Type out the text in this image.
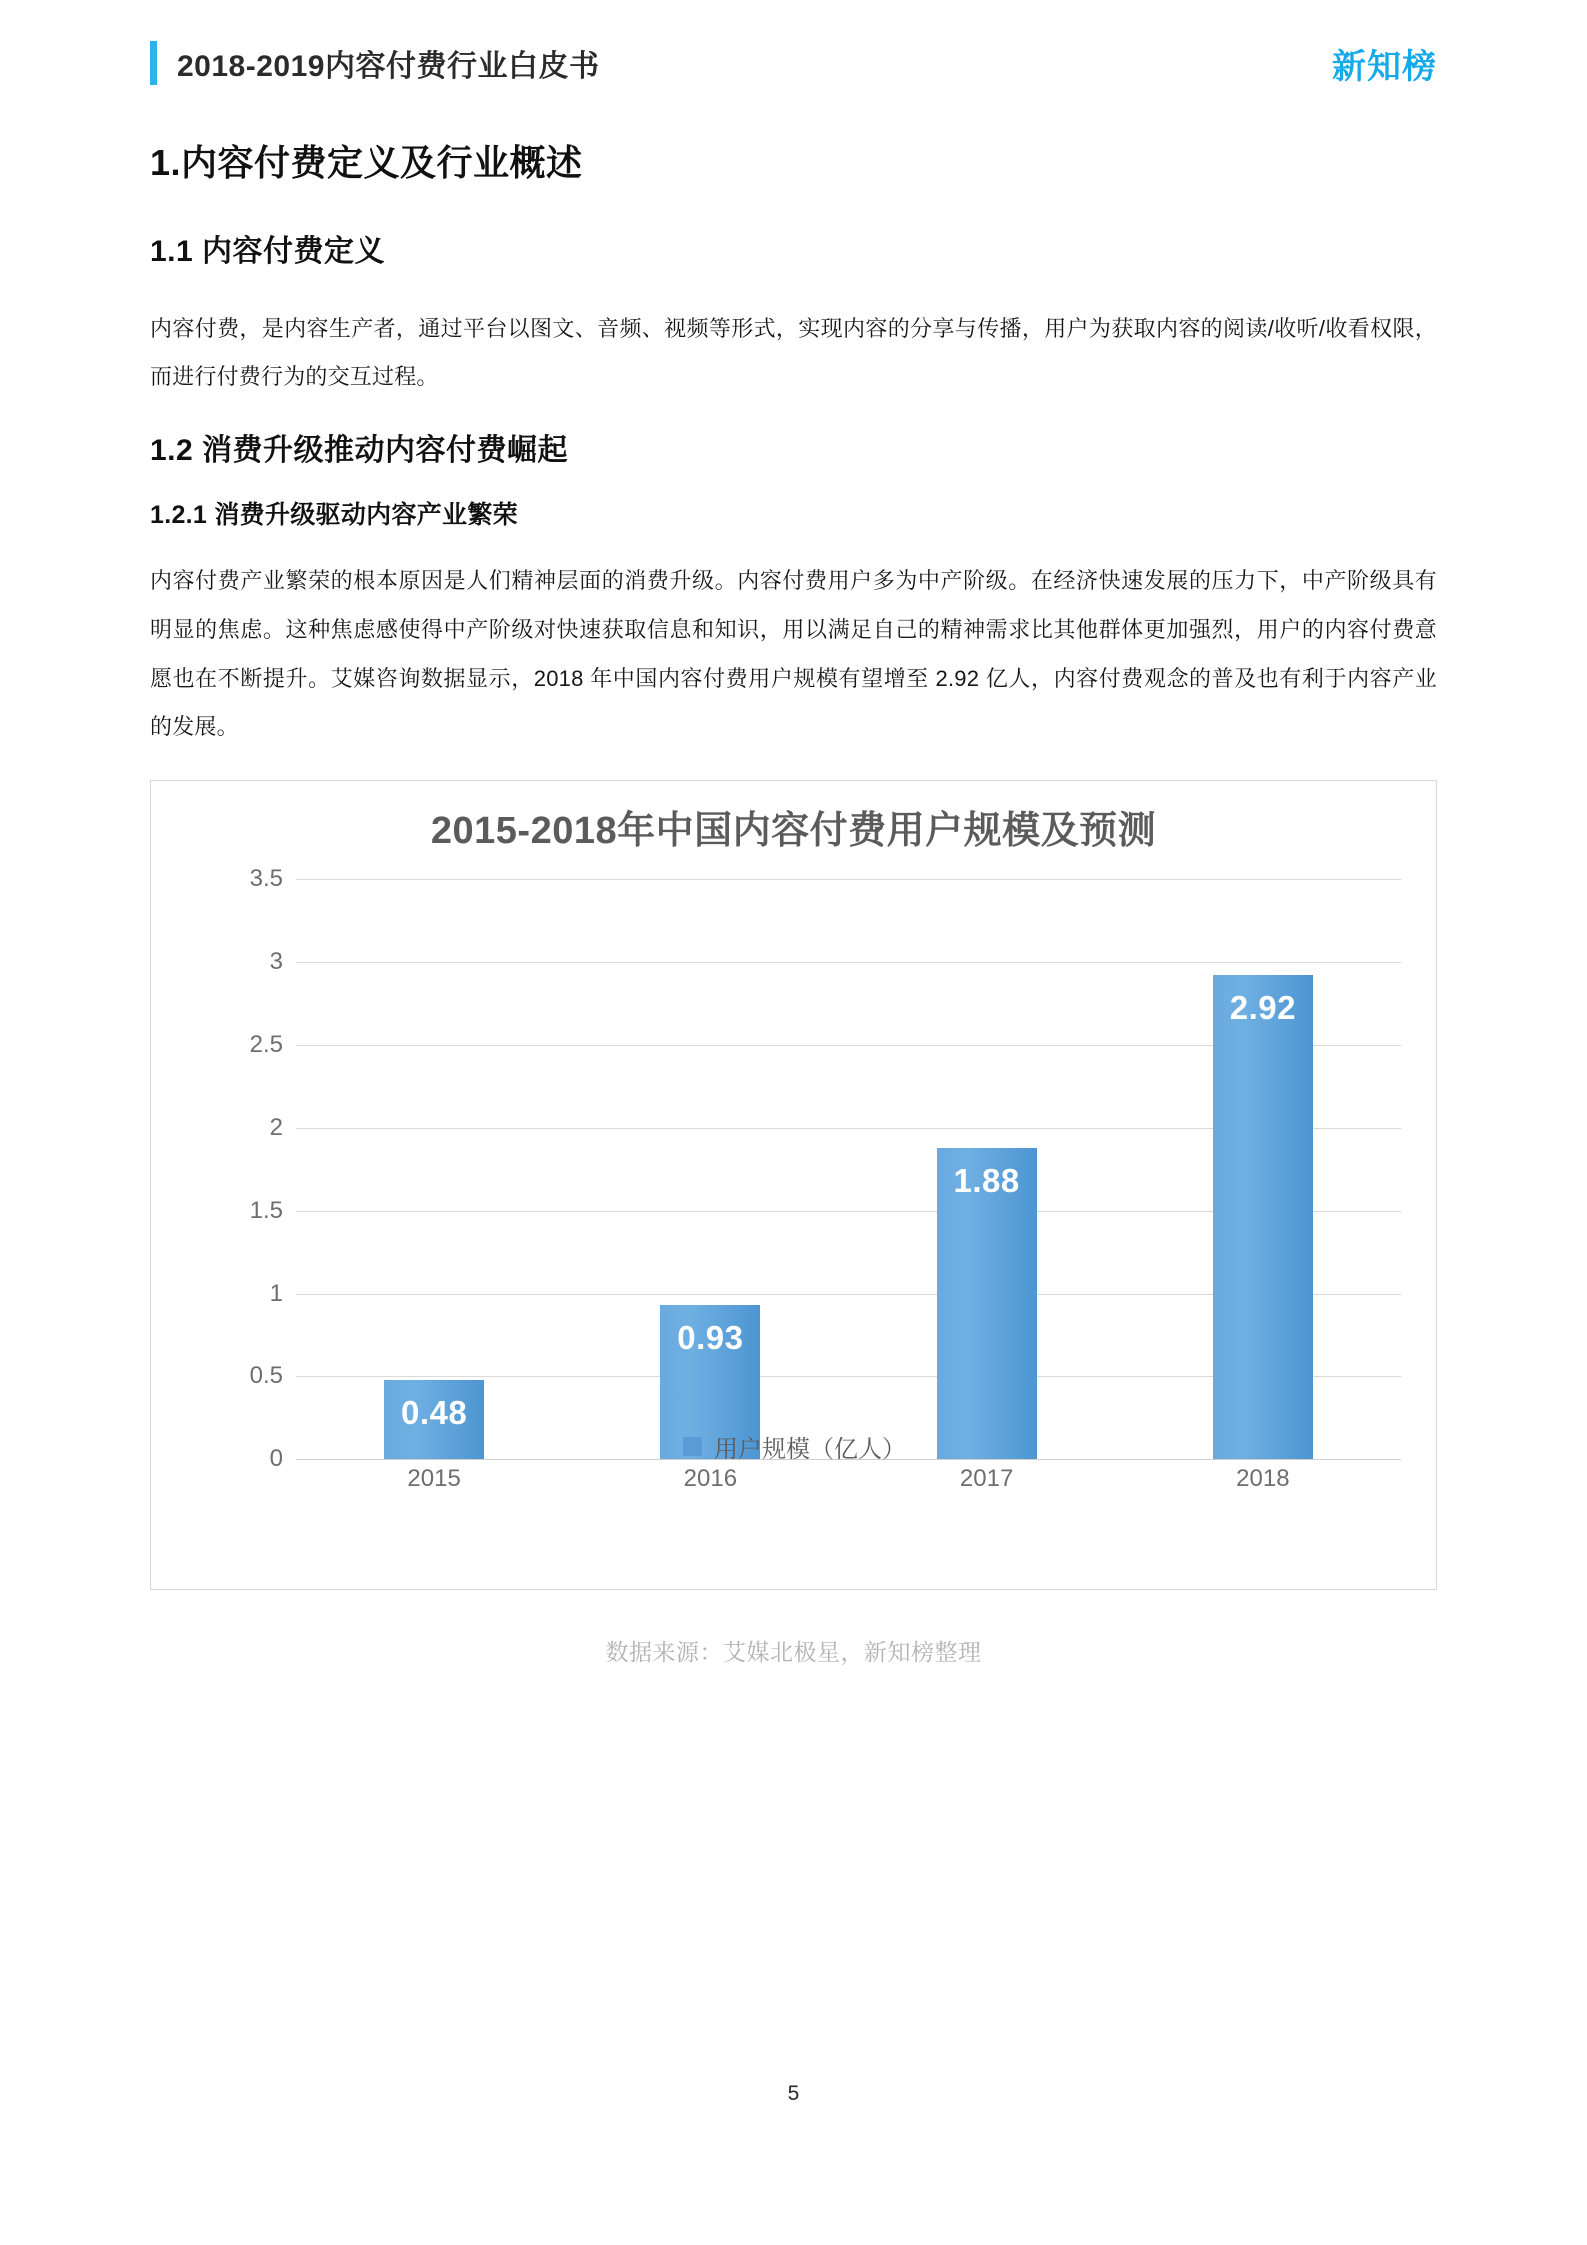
2018-2019内容付费行业白皮书	新知榜
1.内容付费定义及行业概述
1.1 内容付费定义

内容付费，是内容生产者，通过平台以图文、音频、视频等形式，实现内容的分享与传播，用户为获取内容的阅读/收听/收看权限，而进行付费行为的交互过程。

1.2 消费升级推动内容付费崛起
1.2.1 消费升级驱动内容产业繁荣

内容付费产业繁荣的根本原因是人们精神层面的消费升级。内容付费用户多为中产阶级。在经济快速发展的压力下，中产阶级具有明显的焦虑。这种焦虑感使得中产阶级对快速获取信息和知识，用以满足自己的精神需求比其他群体更加强烈，用户的内容付费意愿也在不断提升。艾媒咨询数据显示，2018 年中国内容付费用户规模有望增至 2.92 亿人，内容付费观念的普及也有利于内容产业的发展。

2015-2018年中国内容付费用户规模及预测
0
0.5
1
1.5
2
2.5
3
3.5
0.48
0.93
1.88
2.92
2015	2016	2017	2018
用户规模（亿人）
数据来源：艾媒北极星，新知榜整理
5
